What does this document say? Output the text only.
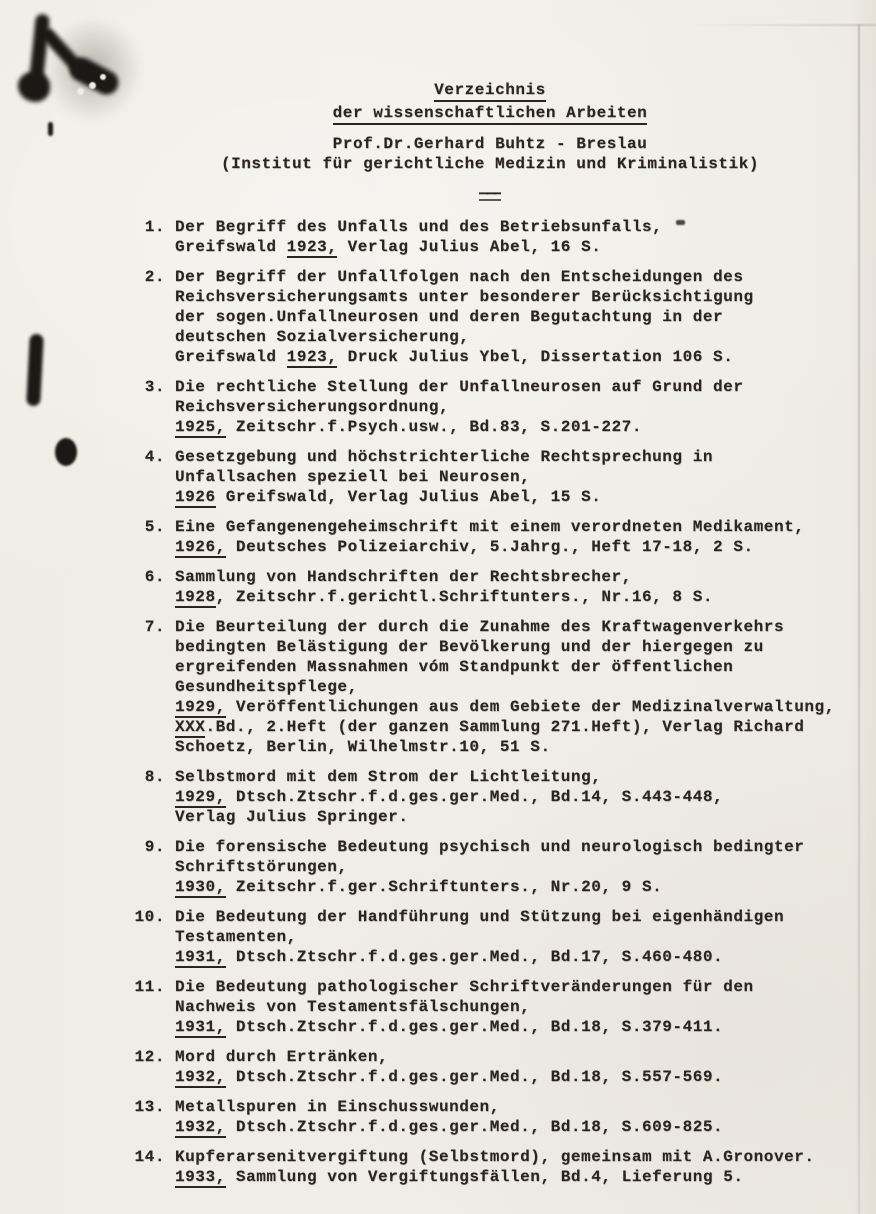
Verzeichnis
der wissenschaftlichen Arbeiten
Prof.Dr.Gerhard Buhtz - Breslau
(Institut für gerichtliche Medizin und Kriminalistik)
———
1. Der Begriff des Unfalls und des Betriebsunfalls,
Greifswald 1923, Verlag Julius Abel, 16 S.
2. Der Begriff der Unfallfolgen nach den Entscheidungen des
Reichsversicherungsamts unter besonderer Berücksichtigung
der sogen.Unfallneurosen und deren Begutachtung in der
deutschen Sozialversicherung,
Greifswald 1923, Druck Julius Ybel, Dissertation 106 S.
3. Die rechtliche Stellung der Unfallneurosen auf Grund der
Reichsversicherungsordnung,
1925, Zeitschr.f.Psych.usw., Bd.83, S.201-227.
4. Gesetzgebung und höchstrichterliche Rechtsprechung in
Unfallsachen speziell bei Neurosen,
1926 Greifswald, Verlag Julius Abel, 15 S.
5. Eine Gefangenengeheimschrift mit einem verordneten Medikament,
1926, Deutsches Polizeiarchiv, 5.Jahrg., Heft 17-18, 2 S.
6. Sammlung von Handschriften der Rechtsbrecher,
1928, Zeitschr.f.gerichtl.Schriftunters., Nr.16, 8 S.
7. Die Beurteilung der durch die Zunahme des Kraftwagenverkehrs
bedingten Belästigung der Bevölkerung und der hiergegen zu
ergreifenden Massnahmen vóm Standpunkt der öffentlichen
Gesundheitspflege,
1929, Veröffentlichungen aus dem Gebiete der Medizinalverwaltung,
XXX.Bd., 2.Heft (der ganzen Sammlung 271.Heft), Verlag Richard
Schoetz, Berlin, Wilhelmstr.10, 51 S.
8. Selbstmord mit dem Strom der Lichtleitung,
1929, Dtsch.Ztschr.f.d.ges.ger.Med., Bd.14, S.443-448,
Verlag Julius Springer.
9. Die forensische Bedeutung psychisch und neurologisch bedingter
Schriftstörungen,
1930, Zeitschr.f.ger.Schriftunters., Nr.20, 9 S.
10. Die Bedeutung der Handführung und Stützung bei eigenhändigen
Testamenten,
1931, Dtsch.Ztschr.f.d.ges.ger.Med., Bd.17, S.460-480.
11. Die Bedeutung pathologischer Schriftveränderungen für den
Nachweis von Testamentsfälschungen,
1931, Dtsch.Ztschr.f.d.ges.ger.Med., Bd.18, S.379-411.
12. Mord durch Ertränken,
1932, Dtsch.Ztschr.f.d.ges.ger.Med., Bd.18, S.557-569.
13. Metallspuren in Einschusswunden,
1932, Dtsch.Ztschr.f.d.ges.ger.Med., Bd.18, S.609-825.
14. Kupferarsenitvergiftung (Selbstmord), gemeinsam mit A.Gronover.
1933, Sammlung von Vergiftungsfällen, Bd.4, Lieferung 5.
